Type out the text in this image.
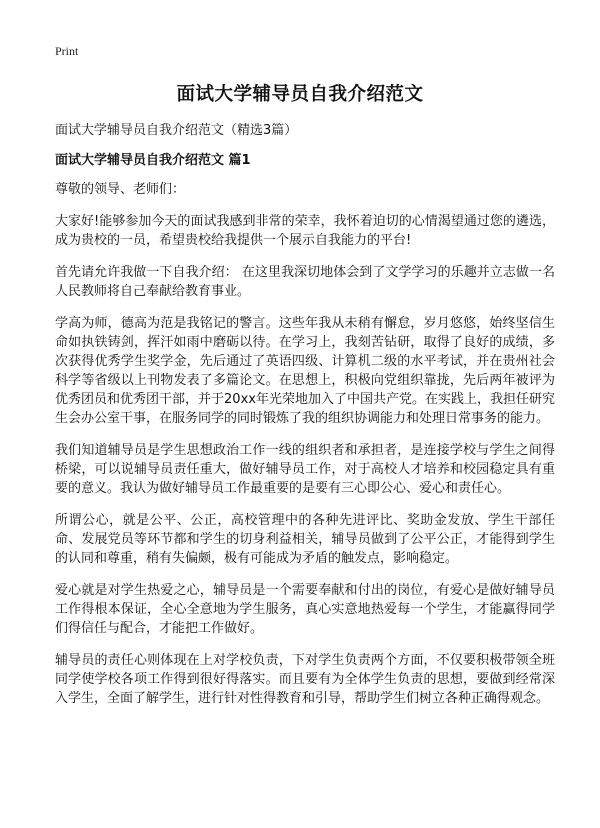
Print
面试大学辅导员自我介绍范文

面试大学辅导员自我介绍范文（精选3篇）

面试大学辅导员自我介绍范文 篇1

尊敬的领导、老师们：

大家好!能够参加今天的面试我感到非常的荣幸，我怀着迫切的心情渴望通过您的遴选，成为贵校的一员，希望贵校给我提供一个展示自我能力的平台!

首先请允许我做一下自我介绍： 在这里我深切地体会到了文学学习的乐趣并立志做一名人民教师将自己奉献给教育事业。

学高为师，德高为范是我铭记的警言。这些年我从未稍有懈怠，岁月悠悠，始终坚信生命如执铁铸剑，挥汗如雨中磨砺以待。在学习上，我刻苦钻研，取得了良好的成绩，多次获得优秀学生奖学金，先后通过了英语四级、计算机二级的水平考试，并在贵州社会科学等省级以上刊物发表了多篇论文。在思想上，积极向党组织靠拢，先后两年被评为优秀团员和优秀团干部，并于20xx年光荣地加入了中国共产党。在实践上，我担任研究生会办公室干事，在服务同学的同时锻炼了我的组织协调能力和处理日常事务的能力。

我们知道辅导员是学生思想政治工作一线的组织者和承担者，是连接学校与学生之间得桥梁，可以说辅导员责任重大，做好辅导员工作，对于高校人才培养和校园稳定具有重要的意义。我认为做好辅导员工作最重要的是要有三心即公心、爱心和责任心。

所谓公心，就是公平、公正，高校管理中的各种先进评比、奖助金发放、学生干部任命、发展党员等环节都和学生的切身利益相关，辅导员做到了公平公正，才能得到学生的认同和尊重，稍有失偏颇，极有可能成为矛盾的触发点，影响稳定。

爱心就是对学生热爱之心，辅导员是一个需要奉献和付出的岗位，有爱心是做好辅导员工作得根本保证，全心全意地为学生服务，真心实意地热爱每一个学生，才能赢得同学们得信任与配合，才能把工作做好。

辅导员的责任心则体现在上对学校负责，下对学生负责两个方面，不仅要积极带领全班同学使学校各项工作得到很好得落实。而且要有为全体学生负责的思想，要做到经常深入学生，全面了解学生，进行针对性得教育和引导，帮助学生们树立各种正确得观念。
